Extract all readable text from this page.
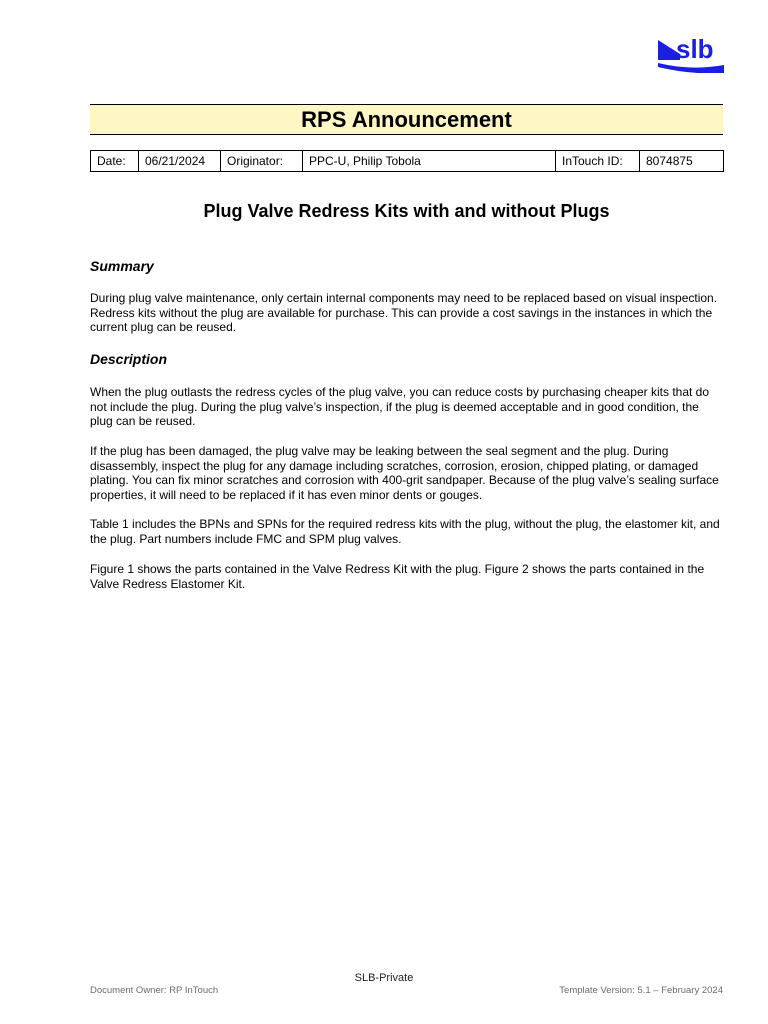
slb
RPS Announcement
Date:	06/21/2024	Originator:	PPC-U, Philip Tobola	InTouch ID:	8074875
Plug Valve Redress Kits with and without Plugs
Summary
During plug valve maintenance, only certain internal components may need to be replaced based on visual inspection. Redress kits without the plug are available for purchase. This can provide a cost savings in the instances in which the current plug can be reused.
Description
When the plug outlasts the redress cycles of the plug valve, you can reduce costs by purchasing cheaper kits that do not include the plug. During the plug valve’s inspection, if the plug is deemed acceptable and in good condition, the plug can be reused.
If the plug has been damaged, the plug valve may be leaking between the seal segment and the plug. During disassembly, inspect the plug for any damage including scratches, corrosion, erosion, chipped plating, or damaged plating. You can fix minor scratches and corrosion with 400-grit sandpaper. Because of the plug valve’s sealing surface properties, it will need to be replaced if it has even minor dents or gouges.
Table 1 includes the BPNs and SPNs for the required redress kits with the plug, without the plug, the elastomer kit, and the plug. Part numbers include FMC and SPM plug valves.
Figure 1 shows the parts contained in the Valve Redress Kit with the plug. Figure 2 shows the parts contained in the Valve Redress Elastomer Kit.
SLB-Private
Document Owner: RP InTouch	Template Version: 5.1 – February 2024
